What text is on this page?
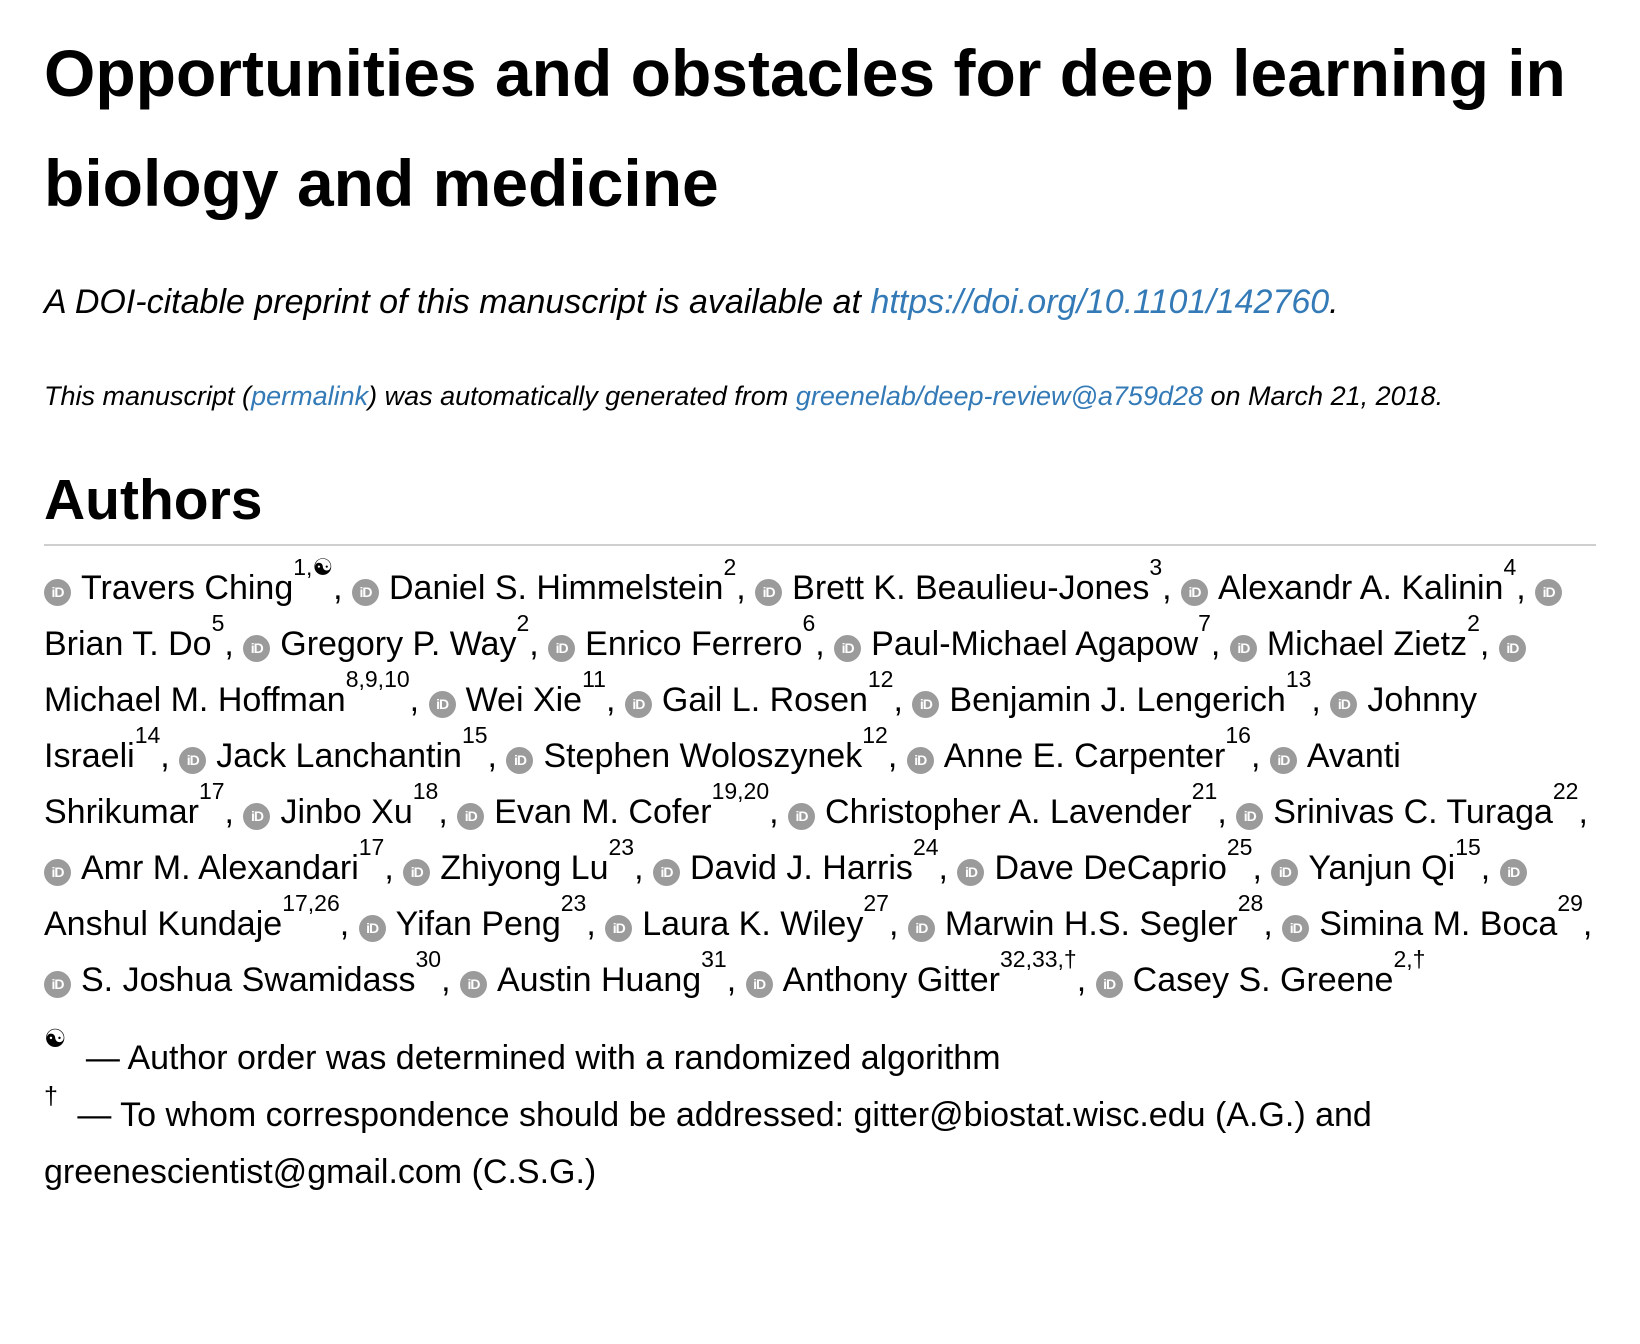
Opportunities and obstacles for deep learning in biology and medicine
A DOI-citable preprint of this manuscript is available at https://doi.org/10.1101/142760.
This manuscript (permalink) was automatically generated from greenelab/deep-review@a759d28 on March 21, 2018.
Authors
iD Travers Ching$^{1,☯}$, iD Daniel S. Himmelstein$^2$, iD Brett K. Beaulieu-Jones$^3$, iD Alexandr A. Kalinin$^4$, iDBrian T. Do$^5$, iD Gregory P. Way$^2$, iD Enrico Ferrero$^6$, iD Paul-Michael Agapow$^7$, iD Michael Zietz$^2$, iDMichael M. Hoffman$^{8,9,10}$, iD Wei Xie$^{11}$, iD Gail L. Rosen$^{12}$, iD Benjamin J. Lengerich$^{13}$, iD Johnny Israeli$^{14}$, iD Jack Lanchantin$^{15}$, iD Stephen Woloszynek$^{12}$, iD Anne E. Carpenter$^{16}$, iD Avanti Shrikumar$^{17}$, iD Jinbo Xu$^{18}$, iD Evan M. Cofer$^{19,20}$, iD Christopher A. Lavender$^{21}$, iD Srinivas C. Turaga$^{22}$, iD Amr M. Alexandari$^{17}$, iD Zhiyong Lu$^{23}$, iD David J. Harris$^{24}$, iD Dave DeCaprio$^{25}$, iD Yanjun Qi$^{15}$, iDAnshul Kundaje$^{17,26}$, iD Yifan Peng$^{23}$, iD Laura K. Wiley$^{27}$, iD Marwin H.S. Segler$^{28}$, iD Simina M. Boca$^{29}$, iD S. Joshua Swamidass$^{30}$, iD Austin Huang$^{31}$, iD Anthony Gitter$^{32,33,\dagger}$, iD Casey S. Greene$^{2,\dagger}$
☯ — Author order was determined with a randomized algorithm
† — To whom correspondence should be addressed: gitter@biostat.wisc.edu (A.G.) and greenescientist@gmail.com (C.S.G.)
